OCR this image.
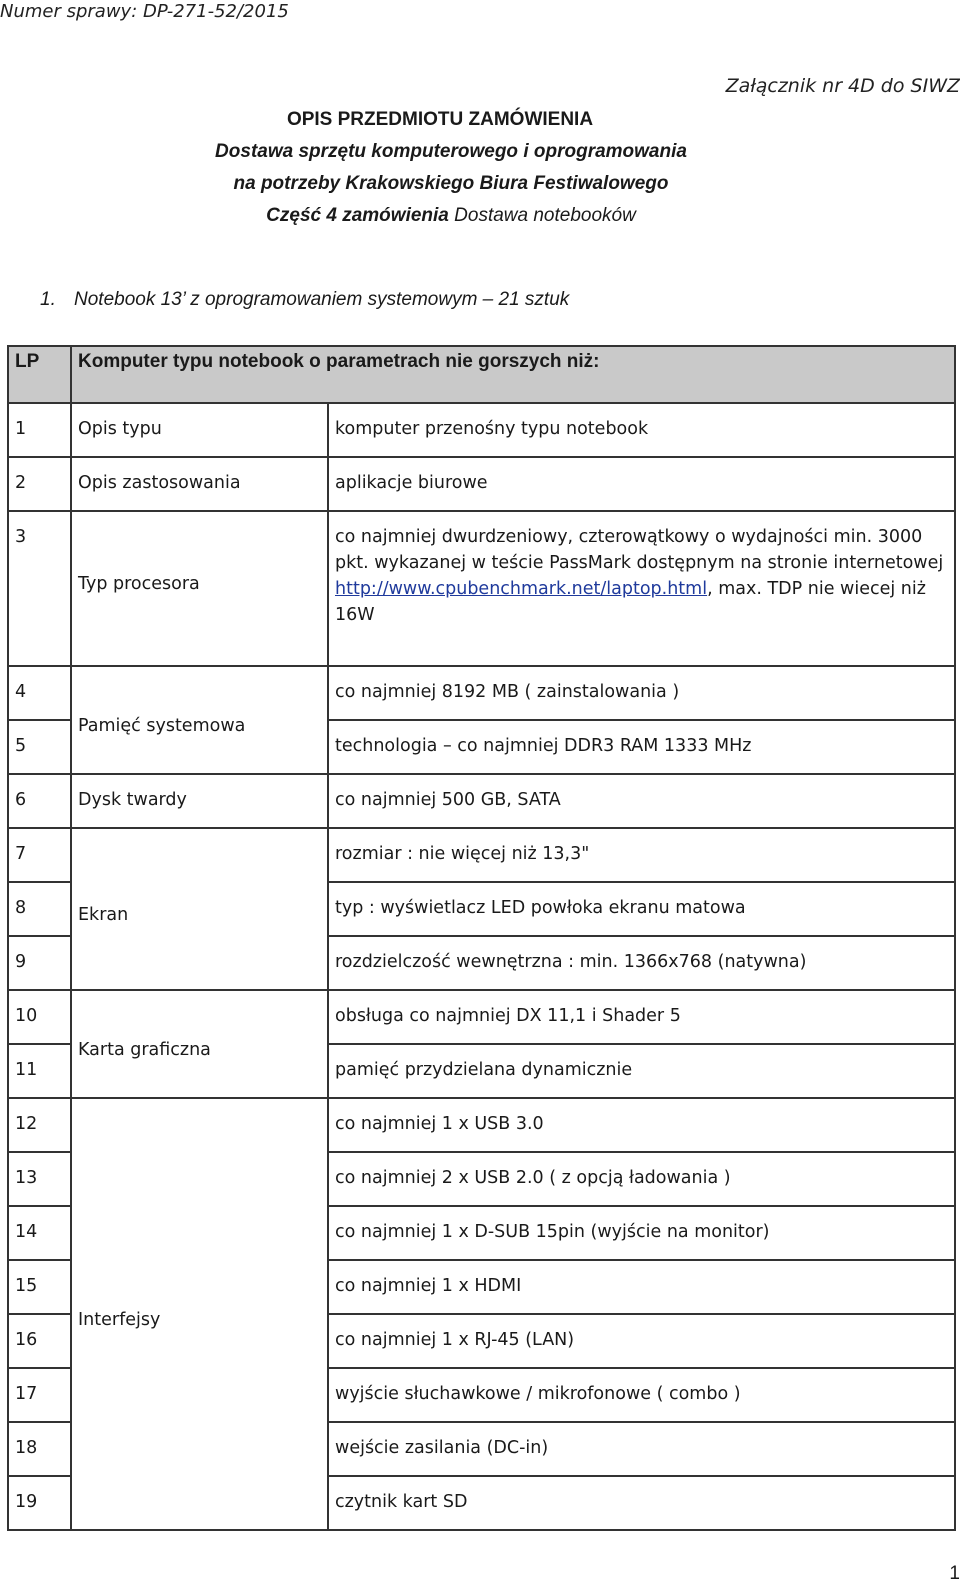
Numer sprawy: DP-271-52/2015
Załącznik nr 4D do SIWZ
OPIS PRZEDMIOTU ZAMÓWIENIA
Dostawa sprzętu komputerowego i oprogramowania
na potrzeby Krakowskiego Biura Festiwalowego
Część 4 zamówienia Dostawa notebooków
1. Notebook 13’ z oprogramowaniem systemowym – 21 sztuk
LP	Komputer typu notebook o parametrach nie gorszych niż:	
1	Opis typu	komputer przenośny typu notebook
2	Opis zastosowania	aplikacje biurowe
3	Typ procesora	co najmniej dwurdzeniowy, czterowątkowy o wydajności min. 3000 pkt. wykazanej w teście PassMark dostępnym na stronie internetowej http://www.cpubenchmark.net/laptop.html, max. TDP nie wiecej niż 16W
4	Pamięć systemowa	co najmniej 8192 MB ( zainstalowania )
5		technologia – co najmniej DDR3 RAM 1333 MHz
6	Dysk twardy	co najmniej 500 GB, SATA
7	Ekran	rozmiar : nie więcej niż 13,3"
8		typ : wyświetlacz LED powłoka ekranu matowa
9		rozdzielczość wewnętrzna : min. 1366x768 (natywna)
10	Karta graficzna	obsługa co najmniej DX 11,1 i Shader 5
11		pamięć przydzielana dynamicznie
12	Interfejsy	co najmniej 1 x USB 3.0
13		co najmniej 2 x USB 2.0 ( z opcją ładowania )
14		co najmniej 1 x D-SUB 15pin (wyjście na monitor)
15		co najmniej 1 x HDMI
16		co najmniej 1 x RJ-45 (LAN)
17		wyjście słuchawkowe / mikrofonowe ( combo )
18		wejście zasilania (DC-in)
19		czytnik kart SD
1
